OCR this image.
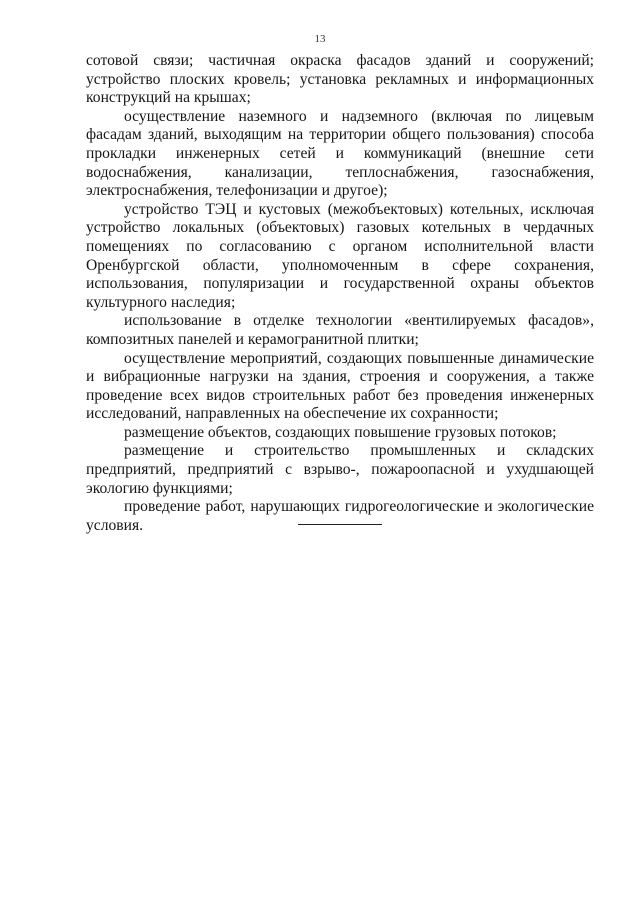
13

сотовой связи; частичная окраска фасадов зданий и сооружений; устройство плоских кровель; установка рекламных и информационных конструкций на крышах;

осуществление наземного и надземного (включая по лицевым фасадам зданий, выходящим на территории общего пользования) способа прокладки инженерных сетей и коммуникаций (внешние сети водоснабжения, канализации, теплоснабжения, газоснабжения, электроснабжения, телефонизации и другое);

устройство ТЭЦ и кустовых (межобъектовых) котельных, исключая устройство локальных (объектовых) газовых котельных в чердачных помещениях по согласованию с органом исполнительной власти Оренбургской области, уполномоченным в сфере сохранения, использования, популяризации и государственной охраны объектов культурного наследия;

использование в отделке технологии «вентилируемых фасадов», композитных панелей и керамогранитной плитки;

осуществление мероприятий, создающих повышенные динамические и вибрационные нагрузки на здания, строения и сооружения, а также проведение всех видов строительных работ без проведения инженерных исследований, направленных на обеспечение их сохранности;

размещение объектов, создающих повышение грузовых потоков;

размещение и строительство промышленных и складских предприятий, предприятий с взрыво-, пожароопасной и ухудшающей экологию функциями;

проведение работ, нарушающих гидрогеологические и экологические условия.
